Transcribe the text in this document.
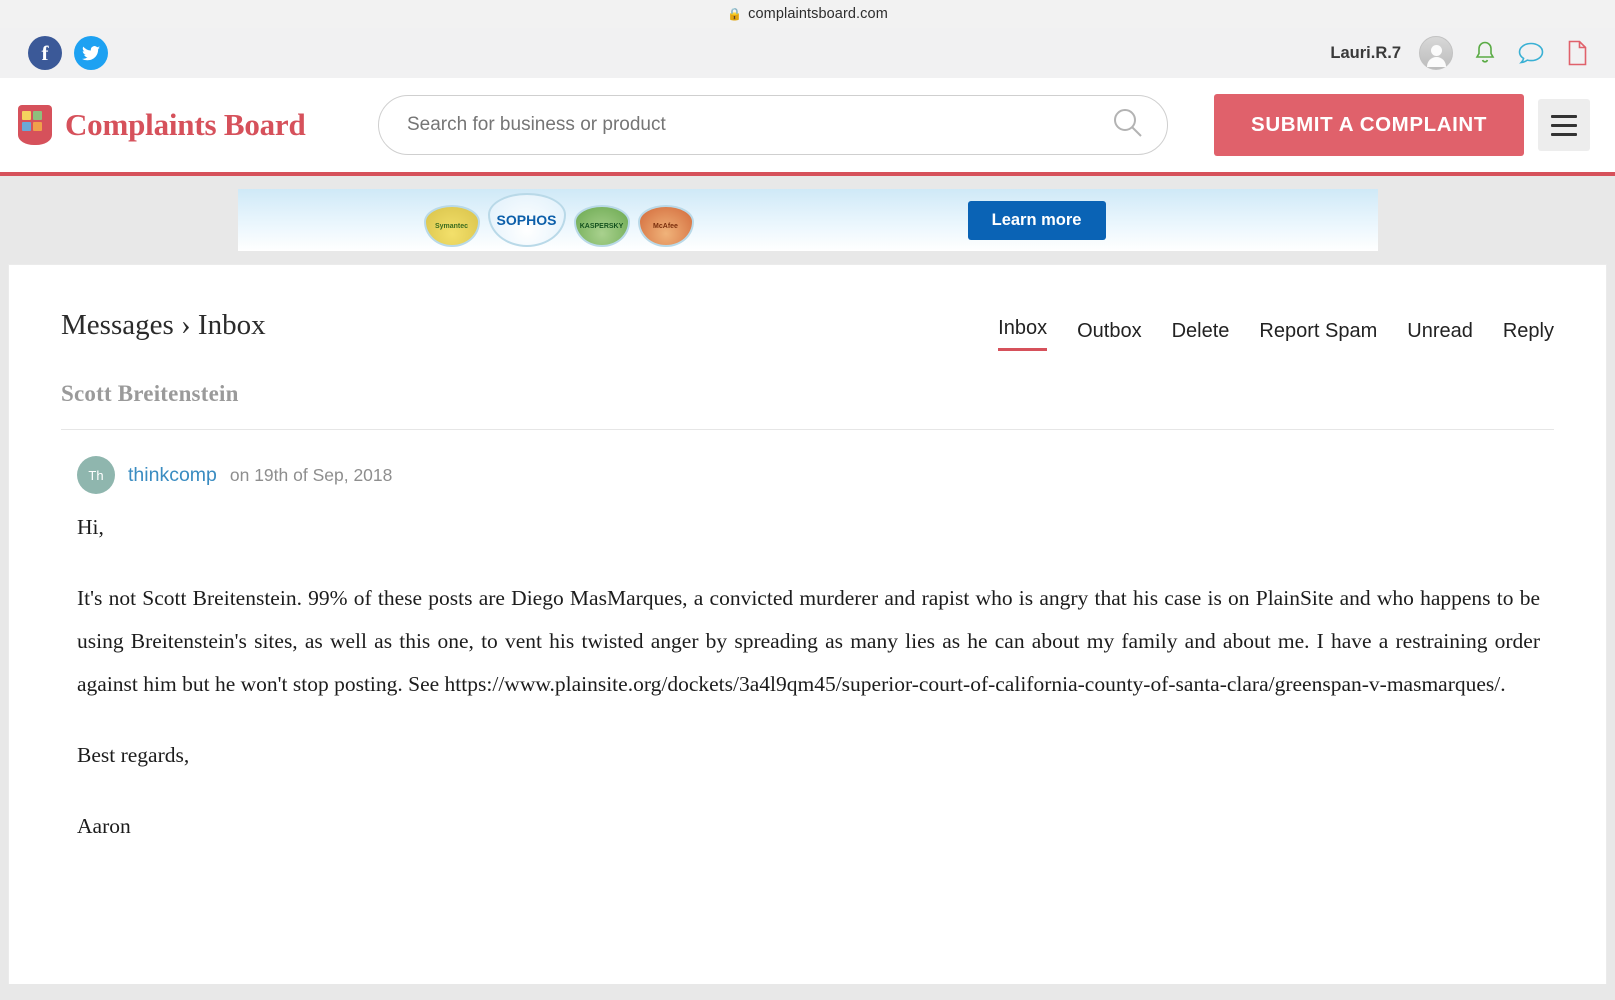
🔒 complaintsboard.com
f	Lauri.R.7
Complaints Board
Search for business or product	SUBMIT A COMPLAINT
Symantec	SOPHOS	KASPERSKY	McAfee	Learn more
Messages › Inbox	Inbox Outbox Delete Report Spam Unread Reply
Scott Breitenstein
Th	thinkcomp on 19th of Sep, 2018

Hi,

It's not Scott Breitenstein. 99% of these posts are Diego MasMarques, a convicted murderer and rapist who is angry that his case is on PlainSite and who happens to be using Breitenstein's sites, as well as this one, to vent his twisted anger by spreading as many lies as he can about my family and about me. I have a restraining order against him but he won't stop posting. See https://www.plainsite.org/dockets/3a4l9qm45/superior-court-of-california-county-of-santa-clara/greenspan-v-masmarques/.

Best regards,

Aaron
